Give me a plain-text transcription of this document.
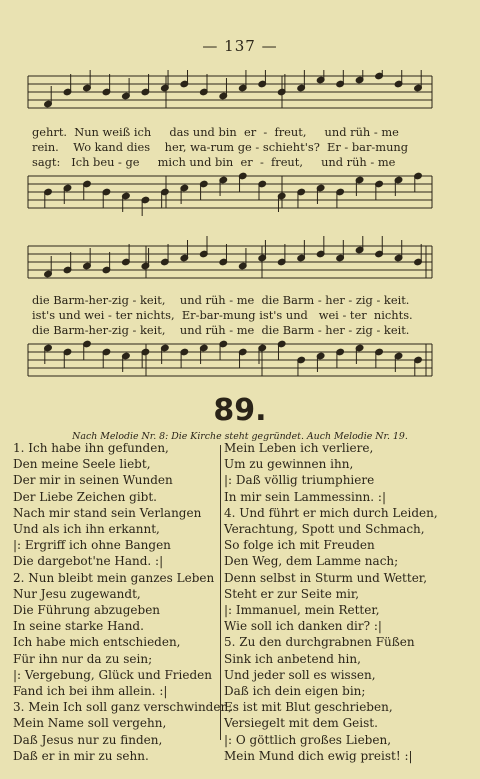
— 137 —
gehrt.  Nun weiß ich     das und bin  er  -  freut,     und rüh - me
rein.    Wo kand dies    her, wa-rum ge - schieht's?  Er - bar-mung
sagt:   Ich beu - ge     mich und bin  er  -  freut,     und rüh - me
die Barm-her-zig - keit,    und rüh - me  die Barm - her - zig - keit.
ist's und wei - ter nichts,  Er-bar-mung ist's und   wei - ter  nichts.
die Barm-her-zig - keit,    und rüh - me  die Barm - her - zig - keit.
89.
Nach Melodie Nr. 8: Die Kirche steht gegründet. Auch Melodie Nr. 19.
1. Ich habe ihn gefunden,
Den meine Seele liebt,
Der mir in seinen Wunden
Der Liebe Zeichen gibt.
Nach mir stand sein Verlangen
Und als ich ihn erkannt,
|: Ergriff ich ohne Bangen
Die dargebot'ne Hand. :|
2. Nun bleibt mein ganzes Leben
Nur Jesu zugewandt,
Die Führung abzugeben
In seine starke Hand.
Ich habe mich entschieden,
Für ihn nur da zu sein;
|: Vergebung, Glück und Frieden
Fand ich bei ihm allein. :|
3. Mein Ich soll ganz verschwinden,
Mein Name soll vergehn,
Daß Jesus nur zu finden,
Daß er in mir zu sehn.
Mein Leben ich verliere,
Um zu gewinnen ihn,
|: Daß völlig triumphiere
In mir sein Lammessinn. :|
4. Und führt er mich durch Leiden,
Verachtung, Spott und Schmach,
So folge ich mit Freuden
Den Weg, dem Lamme nach;
Denn selbst in Sturm und Wetter,
Steht er zur Seite mir,
|: Immanuel, mein Retter,
Wie soll ich danken dir? :|
5. Zu den durchgrabnen Füßen
Sink ich anbetend hin,
Und jeder soll es wissen,
Daß ich dein eigen bin;
Es ist mit Blut geschrieben,
Versiegelt mit dem Geist.
|: O göttlich großes Lieben,
Mein Mund dich ewig preist! :|
